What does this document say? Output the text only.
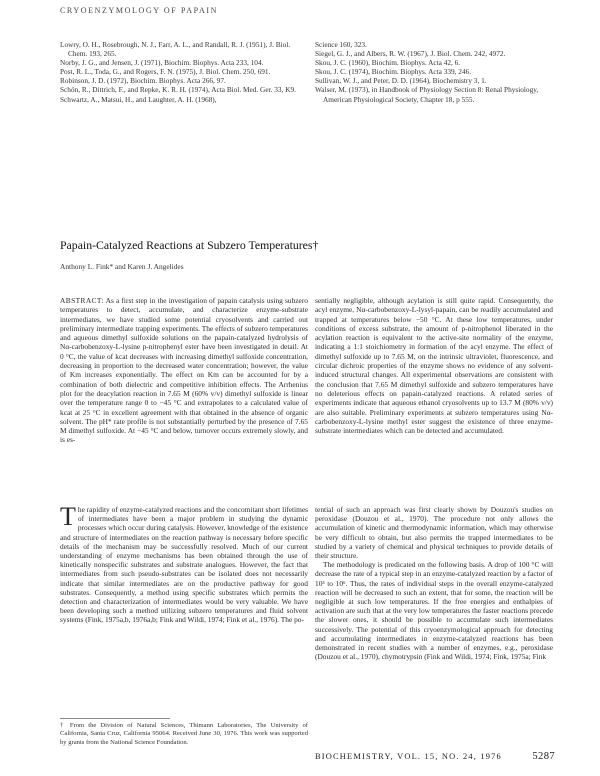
CRYOENZYMOLOGY OF PAPAIN

Lowry, O. H., Rosebrough, N. J., Farr, A. L., and Randall, R. J. (1951), J. Biol. Chem. 193, 265.

Norby, J. G., and Jensen, J. (1971), Biochim. Biophys. Acta 233, 104.

Post, R. L., Toda, G., and Rogers, F. N. (1975), J. Biol. Chem. 250, 691.

Robinson, J. D. (1972), Biochim. Biophys. Acta 266, 97.

Schön, R., Dittrich, F., and Repke, K. R. H. (1974), Acta Biol. Med. Ger. 33, K9.

Schwartz, A., Matsui, H., and Laughter, A. H. (1968),

Science 160, 323.

Siegel, G. J., and Albers, R. W. (1967), J. Biol. Chem. 242, 4972.

Skou, J. C. (1960), Biochim. Biophys. Acta 42, 6.

Skou, J. C. (1974), Biochim. Biophys. Acta 339, 246.

Sullivan, W. J., and Peter, D. D. (1964), Biochemistry 3, 1.

Walser, M. (1973), in Handbook of Physiology Section 8: Renal Physiology, American Physiological Society, Chapter 18, p 555.

Papain-Catalyzed Reactions at Subzero Temperatures†
Anthony L. Fink* and Karen J. Angelides

ABSTRACT: As a first step in the investigation of papain catalysis using subzero temperatures to detect, accumulate, and characterize enzyme-substrate intermediates, we have studied some potential cryosolvents and carried out preliminary intermediate trapping experiments. The effects of subzero temperatures and aqueous dimethyl sulfoxide solutions on the papain-catalyzed hydrolysis of Nα-carbobenzoxy-L-lysine p-nitrophenyl ester have been investigated in detail. At 0 °C, the value of kcat decreases with increasing dimethyl sulfoxide concentration, decreasing in proportion to the decreased water concentration; however, the value of Km increases exponentially. The effect on Km can be accounted for by a combination of both dielectric and competitive inhibition effects. The Arrhenius plot for the deacylation reaction in 7.65 M (60% v/v) dimethyl sulfoxide is linear over the temperature range 0 to −45 °C and extrapolates to a calculated value of kcat at 25 °C in excellent agreement with that obtained in the absence of organic solvent. The pH* rate profile is not substantially perturbed by the presence of 7.65 M dimethyl sulfoxide. At −45 °C and below, turnover occurs extremely slowly, and is es-

sentially negligible, although acylation is still quite rapid. Consequently, the acyl enzyme, Nα-carbobenzoxy-L-lysyl-papain, can be readily accumulated and trapped at temperatures below −50 °C. At these low temperatures, under conditions of excess substrate, the amount of p-nitrophenol liberated in the acylation reaction is equivalent to the active-site normality of the enzyme, indicating a 1:1 stoichiometry in formation of the acyl enzyme. The effect of dimethyl sulfoxide up to 7.65 M, on the intrinsic ultraviolet, fluorescence, and circular dichroic properties of the enzyme shows no evidence of any solvent-induced structural changes. All experimental observations are consistent with the conclusion that 7.65 M dimethyl sulfoxide and subzero temperatures have no deleterious effects on papain-catalyzed reactions. A related series of experiments indicate that aqueous ethanol cryosolvents up to 13.7 M (80% v/v) are also suitable. Preliminary experiments at subzero temperatures using Nα-carbobenzoxy-L-lysine methyl ester suggest the existence of three enzyme-substrate intermediates which can be detected and accumulated.

The rapidity of enzyme-catalyzed reactions and the concomitant short lifetimes of intermediates have been a major problem in studying the dynamic processes which occur during catalysis. However, knowledge of the existence and structure of intermediates on the reaction pathway is necessary before specific details of the mechanism may be successfully resolved. Much of our current understanding of enzyme mechanisms has been obtained through the use of kinetically nonspecific substrates and substrate analogues. However, the fact that intermediates from such pseudo-substrates can be isolated does not necessarily indicate that similar intermediates are on the productive pathway for good substrates. Consequently, a method using specific substrates which permits the detection and characterization of intermediates would be very valuable. We have been developing such a method utilizing subzero temperatures and fluid solvent systems (Fink, 1975a,b, 1976a,b; Fink and Wildi, 1974; Fink et al., 1976). The po-

tential of such an approach was first clearly shown by Douzou's studies on peroxidase (Douzou et al., 1970). The procedure not only allows the accumulation of kinetic and thermodynamic information, which may otherwise be very difficult to obtain, but also permits the trapped intermediates to be studied by a variety of chemical and physical techniques to provide details of their structure.

The methodology is predicated on the following basis. A drop of 100 °C will decrease the rate of a typical step in an enzyme-catalyzed reaction by a factor of 10³ to 10⁶. Thus, the rates of individual steps in the overall enzyme-catalyzed reaction will be decreased to such an extent, that for some, the reaction will be negligible at such low temperatures. If the free energies and enthalpies of activation are such that at the very low temperatures the faster reactions precede the slower ones, it should be possible to accumulate such intermediates successively. The potential of this cryoenzymological approach for detecting and accumulating intermediates in enzyme-catalyzed reactions has been demonstrated in recent studies with a number of enzymes, e.g., peroxidase (Douzou et al., 1970), chymotrypsin (Fink and Wildi, 1974; Fink, 1975a; Fink

† From the Division of Natural Sciences, Thimann Laboratories, The University of California, Santa Cruz, California 95064. Received June 30, 1976. This work was supported by grants from the National Science Foundation.
BIOCHEMISTRY, VOL. 15, NO. 24, 1976	5287
